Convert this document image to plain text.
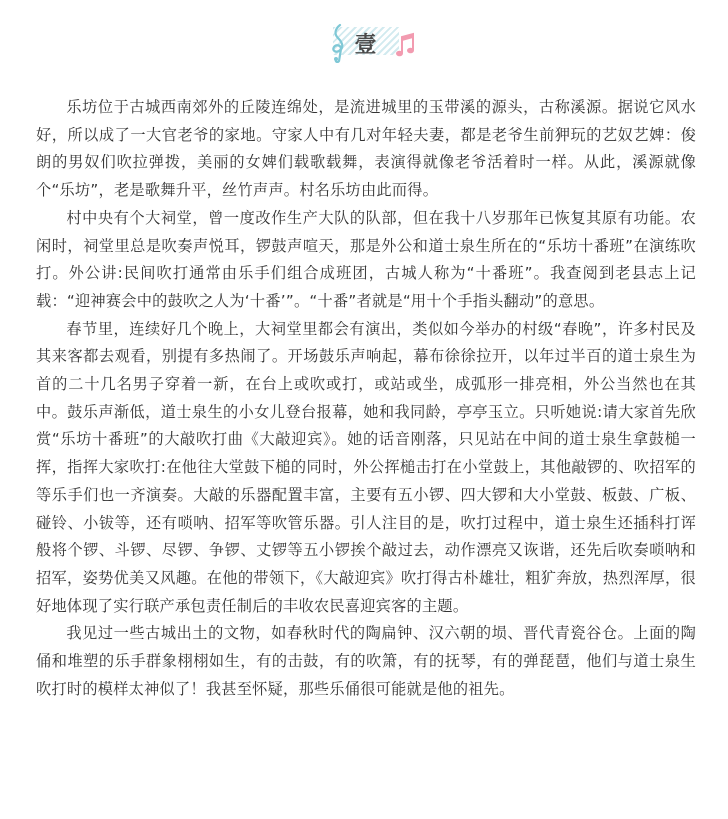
壹

乐坊位于古城西南郊外的丘陵连绵处，是流进城里的玉带溪的源头，古称溪源。据说它风水好，所以成了一大官老爷的家地。守家人中有几对年轻夫妻，都是老爷生前狎玩的艺奴艺婢：俊朗的男奴们吹拉弹拨，美丽的女婢们载歌载舞，表演得就像老爷活着时一样。从此，溪源就像个“乐坊”，老是歌舞升平，丝竹声声。村名乐坊由此而得。

村中央有个大祠堂，曾一度改作生产大队的队部，但在我十八岁那年已恢复其原有功能。农闲时，祠堂里总是吹奏声悦耳，锣鼓声喧天，那是外公和道士泉生所在的“乐坊十番班”在演练吹打。外公讲:民间吹打通常由乐手们组合成班团，古城人称为“十番班”。我查阅到老县志上记载：“迎神赛会中的鼓吹之人为‘十番’”。“十番”者就是“用十个手指头翻动”的意思。

春节里，连续好几个晚上，大祠堂里都会有演出，类似如今举办的村级“春晚”，许多村民及其来客都去观看，别提有多热闹了。开场鼓乐声响起，幕布徐徐拉开，以年过半百的道士泉生为首的二十几名男子穿着一新，在台上或吹或打，或站或坐，成弧形一排亮相，外公当然也在其中。鼓乐声渐低，道士泉生的小女儿登台报幕，她和我同龄，亭亭玉立。只听她说:请大家首先欣赏“乐坊十番班”的大敲吹打曲《大敲迎宾》。她的话音刚落，只见站在中间的道士泉生拿鼓槌一挥，指挥大家吹打:在他往大堂鼓下槌的同时，外公挥槌击打在小堂鼓上，其他敲锣的、吹招军的等乐手们也一齐演奏。大敲的乐器配置丰富，主要有五小锣、四大锣和大小堂鼓、板鼓、广板、碰铃、小钹等，还有唢呐、招军等吹管乐器。引人注目的是，吹打过程中，道士泉生还插科打诨般将个锣、斗锣、尽锣、争锣、丈锣等五小锣挨个敲过去，动作漂亮又诙谐，还先后吹奏唢呐和招军，姿势优美又风趣。在他的带领下，《大敲迎宾》吹打得古朴雄壮，粗犷奔放，热烈浑厚，很好地体现了实行联产承包责任制后的丰收农民喜迎宾客的主题。

我见过一些古城出土的文物，如春秋时代的陶扁钟、汉六朝的埙、晋代青瓷谷仓。上面的陶俑和堆塑的乐手群象栩栩如生，有的击鼓，有的吹箫，有的抚琴，有的弹琵琶，他们与道士泉生吹打时的模样太神似了！我甚至怀疑，那些乐俑很可能就是他的祖先。
